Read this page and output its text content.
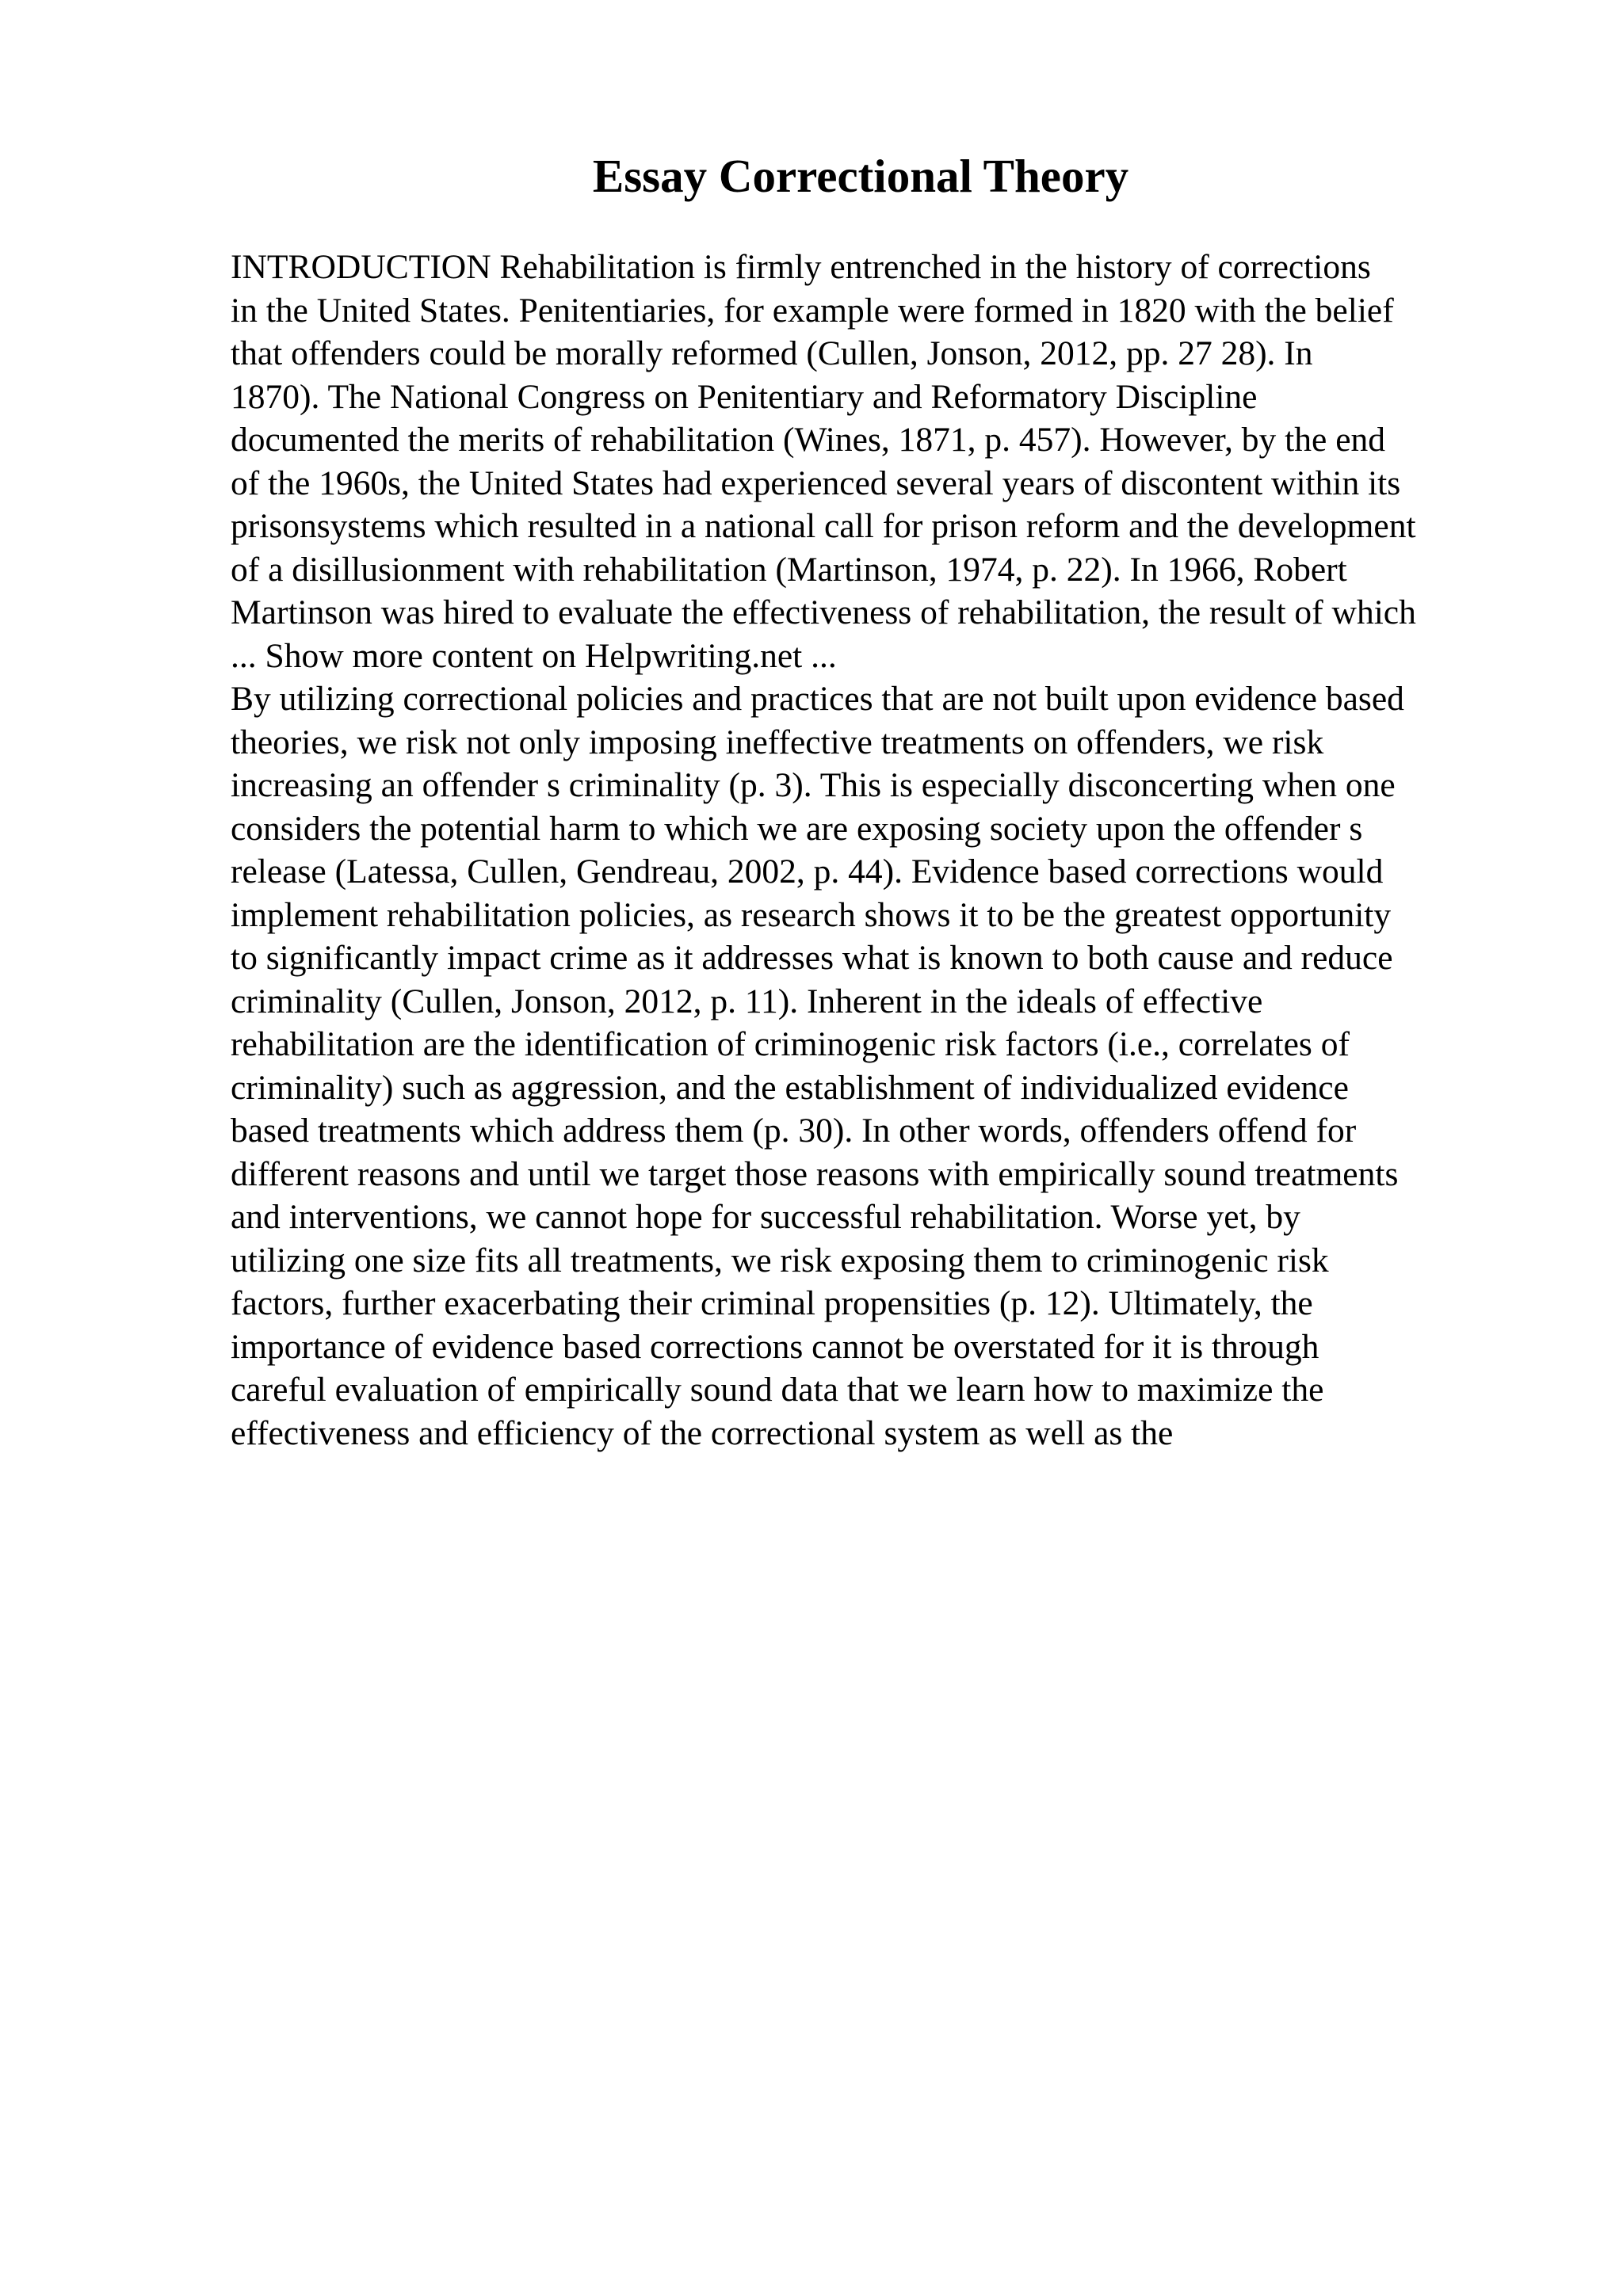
Essay Correctional Theory
INTRODUCTION Rehabilitation is firmly entrenched in the history of corrections
in the United States. Penitentiaries, for example were formed in 1820 with the belief
that offenders could be morally reformed (Cullen, Jonson, 2012, pp. 27 28). In
1870). The National Congress on Penitentiary and Reformatory Discipline
documented the merits of rehabilitation (Wines, 1871, p. 457). However, by the end
of the 1960s, the United States had experienced several years of discontent within its
prisonsystems which resulted in a national call for prison reform and the development
of a disillusionment with rehabilitation (Martinson, 1974, p. 22). In 1966, Robert
Martinson was hired to evaluate the effectiveness of rehabilitation, the result of which
... Show more content on Helpwriting.net ...
By utilizing correctional policies and practices that are not built upon evidence based
theories, we risk not only imposing ineffective treatments on offenders, we risk
increasing an offender s criminality (p. 3). This is especially disconcerting when one
considers the potential harm to which we are exposing society upon the offender s
release (Latessa, Cullen, Gendreau, 2002, p. 44). Evidence based corrections would
implement rehabilitation policies, as research shows it to be the greatest opportunity
to significantly impact crime as it addresses what is known to both cause and reduce
criminality (Cullen, Jonson, 2012, p. 11). Inherent in the ideals of effective
rehabilitation are the identification of criminogenic risk factors (i.e., correlates of
criminality) such as aggression, and the establishment of individualized evidence
based treatments which address them (p. 30). In other words, offenders offend for
different reasons and until we target those reasons with empirically sound treatments
and interventions, we cannot hope for successful rehabilitation. Worse yet, by
utilizing one size fits all treatments, we risk exposing them to criminogenic risk
factors, further exacerbating their criminal propensities (p. 12). Ultimately, the
importance of evidence based corrections cannot be overstated for it is through
careful evaluation of empirically sound data that we learn how to maximize the
effectiveness and efficiency of the correctional system as well as the
